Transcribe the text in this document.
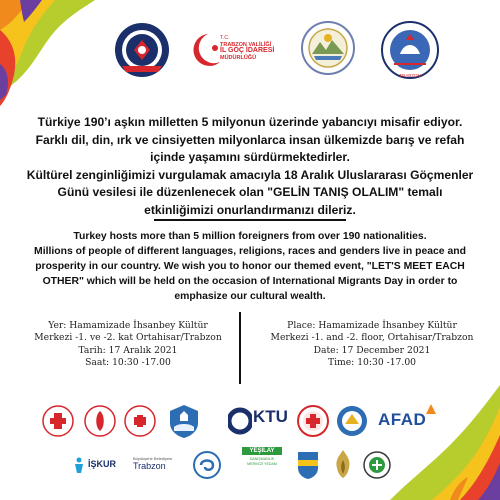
T.C.
TRABZON VALİLİĞİ
İL GÖÇ İDARESİ
MÜDÜRLÜĞÜ
TRABZON
Türkiye 190’ı aşkın milletten 5 milyonun üzerinde yabancıyı misafir ediyor.
Farklı dil, din, ırk ve cinsiyetten milyonlarca insan ülkemizde barış ve refah
içinde yaşamını sürdürmektedirler.
Kültürel zenginliğimizi vurgulamak amacıyla 18 Aralık Uluslararası Göçmenler
Günü vesilesi ile düzenlenecek olan "GELİN TANIŞ OLALIM" temalı
etkinliğimizi onurlandırmanızı dileriz.
Turkey hosts more than 5 million foreigners from over 190 nationalities.
Millions of people of different languages, religions, races and genders live in peace and
prosperity in our country. We wish you to honor our themed event, "LET'S MEET EACH
OTHER" which will be held on the occasion of International Migrants Day in order to
emphasize our cultural wealth.
Yer: Hamamizade İhsanbey Kültür
Merkezi -1. ve -2. kat Ortahisar/Trabzon
Tarih: 17 Aralık 2021
Saat: 10:30 -17.00
Place: Hamamizade İhsanbey Kültür
Merkezi -1. and -2. floor, Ortahisar/Trabzon
Date: 17 December 2021
Time: 10:30 -17.00
KTU	AFAD
İŞKUR
Büyükşehir Belediyesi
Trabzon
YEŞİLAY
DANIŞMANLIK MERKEZİ YEDAM
